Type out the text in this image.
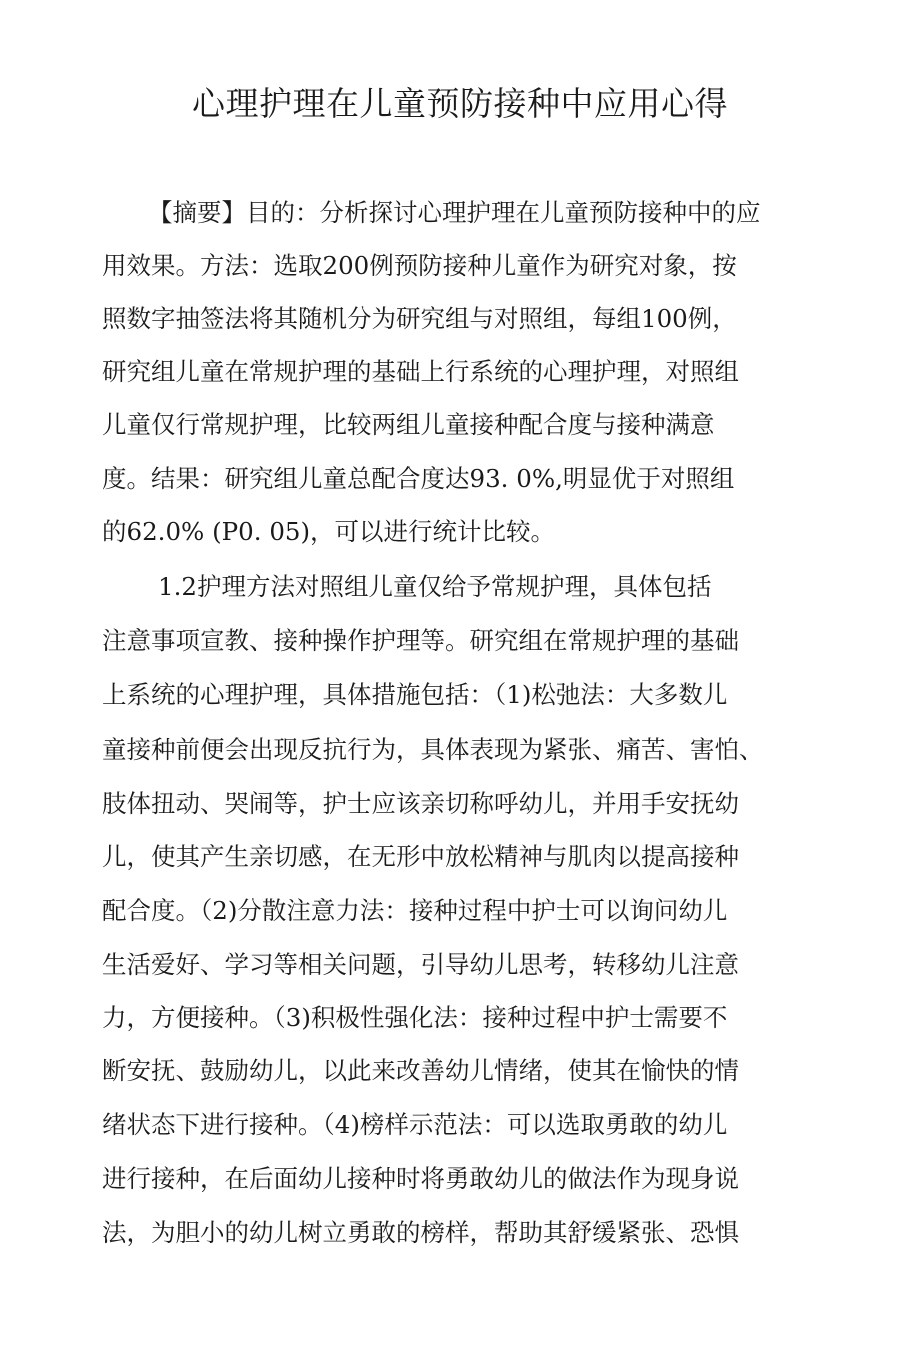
心理护理在儿童预防接种中应用心得
【摘要】目的：分析探讨心理护理在儿童预防接种中的应
用效果。方法：选取200例预防接种儿童作为研究对象，按
照数字抽签法将其随机分为研究组与对照组，每组100例，
研究组儿童在常规护理的基础上行系统的心理护理，对照组
儿童仅行常规护理，比较两组儿童接种配合度与接种满意
度。结果：研究组儿童总配合度达93. 0%,明显优于对照组
的62.0% (P0. 05)，可以进行统计比较。
1.2护理方法对照组儿童仅给予常规护理，具体包括
注意事项宣教、接种操作护理等。研究组在常规护理的基础
上系统的心理护理，具体措施包括：（1)松弛法：大多数儿
童接种前便会出现反抗行为，具体表现为紧张、痛苦、害怕、
肢体扭动、哭闹等，护士应该亲切称呼幼儿，并用手安抚幼
儿，使其产生亲切感，在无形中放松精神与肌肉以提高接种
配合度。（2)分散注意力法：接种过程中护士可以询问幼儿
生活爱好、学习等相关问题，引导幼儿思考，转移幼儿注意
力，方便接种。（3)积极性强化法：接种过程中护士需要不
断安抚、鼓励幼儿，以此来改善幼儿情绪，使其在愉快的情
绪状态下进行接种。（4)榜样示范法：可以选取勇敢的幼儿
进行接种，在后面幼儿接种时将勇敢幼儿的做法作为现身说
法，为胆小的幼儿树立勇敢的榜样，帮助其舒缓紧张、恐惧
